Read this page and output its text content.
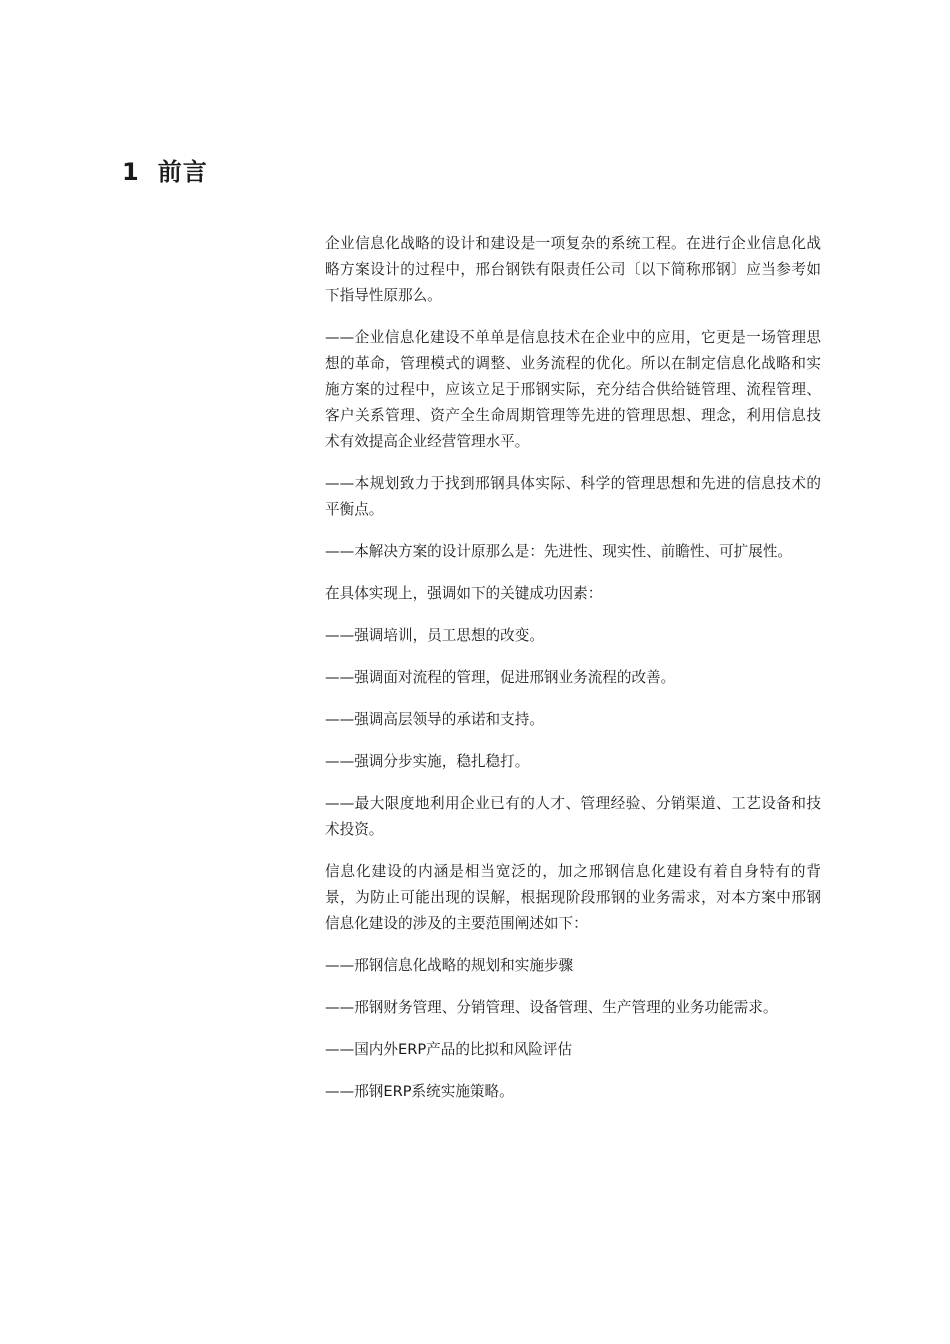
1 前言

企业信息化战略的设计和建设是一项复杂的系统工程。在进行企业信息化战略方案设计的过程中，邢台钢铁有限责任公司〔以下简称邢钢〕应当参考如下指导性原那么。

——企业信息化建设不单单是信息技术在企业中的应用，它更是一场管理思想的革命，管理模式的调整、业务流程的优化。所以在制定信息化战略和实施方案的过程中，应该立足于邢钢实际，充分结合供给链管理、流程管理、客户关系管理、资产全生命周期管理等先进的管理思想、理念，利用信息技术有效提高企业经营管理水平。

——本规划致力于找到邢钢具体实际、科学的管理思想和先进的信息技术的平衡点。

——本解决方案的设计原那么是：先进性、现实性、前瞻性、可扩展性。

在具体实现上，强调如下的关键成功因素：

——强调培训，员工思想的改变。

——强调面对流程的管理，促进邢钢业务流程的改善。

——强调高层领导的承诺和支持。

——强调分步实施，稳扎稳打。

——最大限度地利用企业已有的人才、管理经验、分销渠道、工艺设备和技术投资。

信息化建设的内涵是相当宽泛的，加之邢钢信息化建设有着自身特有的背景，为防止可能出现的误解，根据现阶段邢钢的业务需求，对本方案中邢钢信息化建设的涉及的主要范围阐述如下：

——邢钢信息化战略的规划和实施步骤

——邢钢财务管理、分销管理、设备管理、生产管理的业务功能需求。

——国内外ERP产品的比拟和风险评估

——邢钢ERP系统实施策略。
